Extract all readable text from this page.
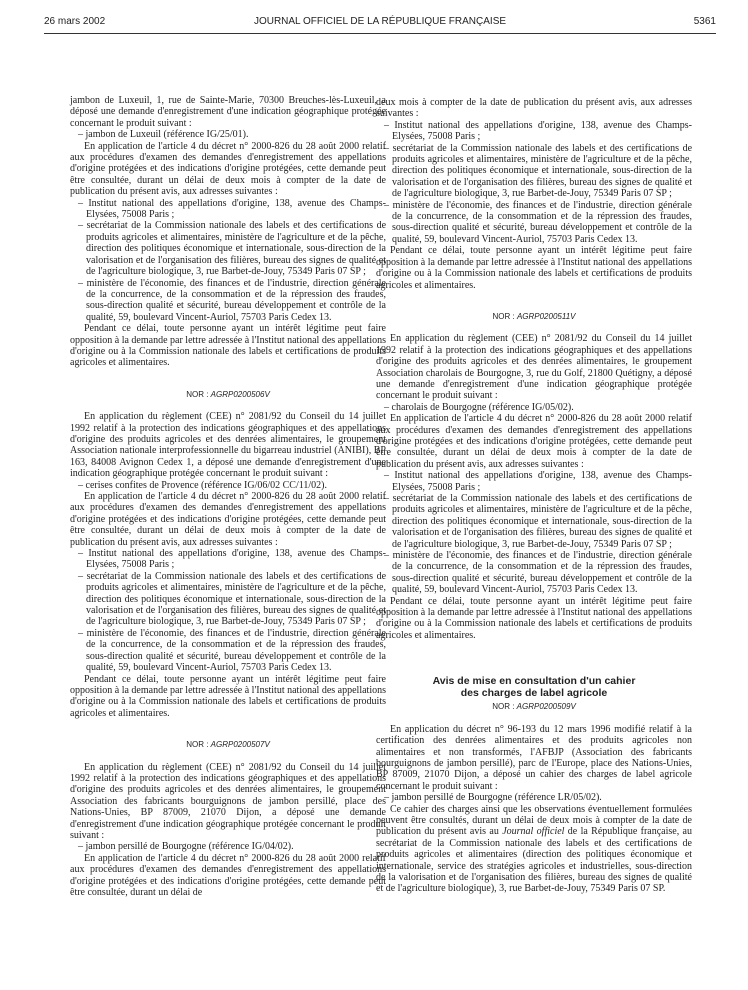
26 mars 2002	JOURNAL OFFICIEL DE LA RÉPUBLIQUE FRANÇAISE	5361

jambon de Luxeuil, 1, rue de Sainte-Marie, 70300 Breuches-lès-Luxeuil, a déposé une demande d'enregistrement d'une indication géographique protégée concernant le produit suivant :

– jambon de Luxeuil (référence IG/25/01).

En application de l'article 4 du décret n° 2000-826 du 28 août 2000 relatif aux procédures d'examen des demandes d'enregistrement des appellations d'origine protégées et des indications d'origine protégées, cette demande peut être consultée, durant un délai de deux mois à compter de la date de publication du présent avis, aux adresses suivantes :

– Institut national des appellations d'origine, 138, avenue des Champs-Elysées, 75008 Paris ;
– secrétariat de la Commission nationale des labels et des certifications de produits agricoles et alimentaires, ministère de l'agriculture et de la pêche, direction des politiques économique et internationale, sous-direction de la valorisation et de l'organisation des filières, bureau des signes de qualité et de l'agriculture biologique, 3, rue Barbet-de-Jouy, 75349 Paris 07 SP ;
– ministère de l'économie, des finances et de l'industrie, direction générale de la concurrence, de la consommation et de la répression des fraudes, sous-direction qualité et sécurité, bureau développement et contrôle de la qualité, 59, boulevard Vincent-Auriol, 75703 Paris Cedex 13.

Pendant ce délai, toute personne ayant un intérêt légitime peut faire opposition à la demande par lettre adressée à l'Institut national des appellations d'origine ou à la Commission nationale des labels et certifications de produits agricoles et alimentaires.

NOR : AGRP0200506V

En application du règlement (CEE) n° 2081/92 du Conseil du 14 juillet 1992 relatif à la protection des indications géographiques et des appellations d'origine des produits agricoles et des denrées alimentaires, le groupement Association nationale interprofessionnelle du bigarreau industriel (ANIBI), BP 163, 84008 Avignon Cedex 1, a déposé une demande d'enregistrement d'une indication géographique protégée concernant le produit suivant :

– cerises confites de Provence (référence IG/06/02 CC/11/02).

En application de l'article 4 du décret n° 2000-826 du 28 août 2000 relatif aux procédures d'examen des demandes d'enregistrement des appellations d'origine protégées et des indications d'origine protégées, cette demande peut être consultée, durant un délai de deux mois à compter de la date de publication du présent avis, aux adresses suivantes :

– Institut national des appellations d'origine, 138, avenue des Champs-Elysées, 75008 Paris ;
– secrétariat de la Commission nationale des labels et des certifications de produits agricoles et alimentaires, ministère de l'agriculture et de la pêche, direction des politiques économique et internationale, sous-direction de la valorisation et de l'organisation des filières, bureau des signes de qualité et de l'agriculture biologique, 3, rue Barbet-de-Jouy, 75349 Paris 07 SP ;
– ministère de l'économie, des finances et de l'industrie, direction générale de la concurrence, de la consommation et de la répression des fraudes, sous-direction qualité et sécurité, bureau développement et contrôle de la qualité, 59, boulevard Vincent-Auriol, 75703 Paris Cedex 13.

Pendant ce délai, toute personne ayant un intérêt légitime peut faire opposition à la demande par lettre adressée à l'Institut national des appellations d'origine ou à la Commission nationale des labels et certifications de produits agricoles et alimentaires.

NOR : AGRP0200507V

En application du règlement (CEE) n° 2081/92 du Conseil du 14 juillet 1992 relatif à la protection des indications géographiques et des appellations d'origine des produits agricoles et des denrées alimentaires, le groupement Association des fabricants bourguignons de jambon persillé, place des Nations-Unies, BP 87009, 21070 Dijon, a déposé une demande d'enregistrement d'une indication géographique protégée concernant le produit suivant :

– jambon persillé de Bourgogne (référence IG/04/02).

En application de l'article 4 du décret n° 2000-826 du 28 août 2000 relatif aux procédures d'examen des demandes d'enregistrement des appellations d'origine protégées et des indications d'origine protégées, cette demande peut être consultée, durant un délai de

deux mois à compter de la date de publication du présent avis, aux adresses suivantes :

– Institut national des appellations d'origine, 138, avenue des Champs-Elysées, 75008 Paris ;
– secrétariat de la Commission nationale des labels et des certifications de produits agricoles et alimentaires, ministère de l'agriculture et de la pêche, direction des politiques économique et internationale, sous-direction de la valorisation et de l'organisation des filières, bureau des signes de qualité et de l'agriculture biologique, 3, rue Barbet-de-Jouy, 75349 Paris 07 SP ;
– ministère de l'économie, des finances et de l'industrie, direction générale de la concurrence, de la consommation et de la répression des fraudes, sous-direction qualité et sécurité, bureau développement et contrôle de la qualité, 59, boulevard Vincent-Auriol, 75703 Paris Cedex 13.

Pendant ce délai, toute personne ayant un intérêt légitime peut faire opposition à la demande par lettre adressée à l'Institut national des appellations d'origine ou à la Commission nationale des labels et certifications de produits agricoles et alimentaires.

NOR : AGRP0200511V

En application du règlement (CEE) n° 2081/92 du Conseil du 14 juillet 1992 relatif à la protection des indications géographiques et des appellations d'origine des produits agricoles et des denrées alimentaires, le groupement Association charolais de Bourgogne, 3, rue du Golf, 21800 Quétigny, a déposé une demande d'enregistrement d'une indication géographique protégée concernant le produit suivant :

– charolais de Bourgogne (référence IG/05/02).

En application de l'article 4 du décret n° 2000-826 du 28 août 2000 relatif aux procédures d'examen des demandes d'enregistrement des appellations d'origine protégées et des indications d'origine protégées, cette demande peut être consultée, durant un délai de deux mois à compter de la date de publication du présent avis, aux adresses suivantes :

– Institut national des appellations d'origine, 138, avenue des Champs-Elysées, 75008 Paris ;
– secrétariat de la Commission nationale des labels et des certifications de produits agricoles et alimentaires, ministère de l'agriculture et de la pêche, direction des politiques économique et internationale, sous-direction de la valorisation et de l'organisation des filières, bureau des signes de qualité et de l'agriculture biologique, 3, rue Barbet-de-Jouy, 75349 Paris 07 SP ;
– ministère de l'économie, des finances et de l'industrie, direction générale de la concurrence, de la consommation et de la répression des fraudes, sous-direction qualité et sécurité, bureau développement et contrôle de la qualité, 59, boulevard Vincent-Auriol, 75703 Paris Cedex 13.

Pendant ce délai, toute personne ayant un intérêt légitime peut faire opposition à la demande par lettre adressée à l'Institut national des appellations d'origine ou à la Commission nationale des labels et certifications de produits agricoles et alimentaires.

Avis de mise en consultation d'un cahier
des charges de label agricole
NOR : AGRP0200509V

En application du décret n° 96-193 du 12 mars 1996 modifié relatif à la certification des denrées alimentaires et des produits agricoles non alimentaires et non transformés, l'AFBJP (Association des fabricants bourguignons de jambon persillé), parc de l'Europe, place des Nations-Unies, BP 87009, 21070 Dijon, a déposé un cahier des charges de label agricole concernant le produit suivant :

– jambon persillé de Bourgogne (référence LR/05/02).

Ce cahier des charges ainsi que les observations éventuellement formulées peuvent être consultés, durant un délai de deux mois à compter de la date de publication du présent avis au Journal officiel de la République française, au secrétariat de la Commission nationale des labels et des certifications de produits agricoles et alimentaires (direction des politiques économique et internationale, service des stratégies agricoles et industrielles, sous-direction de la valorisation et de l'organisation des filières, bureau des signes de qualité et de l'agriculture biologique), 3, rue Barbet-de-Jouy, 75349 Paris 07 SP.
